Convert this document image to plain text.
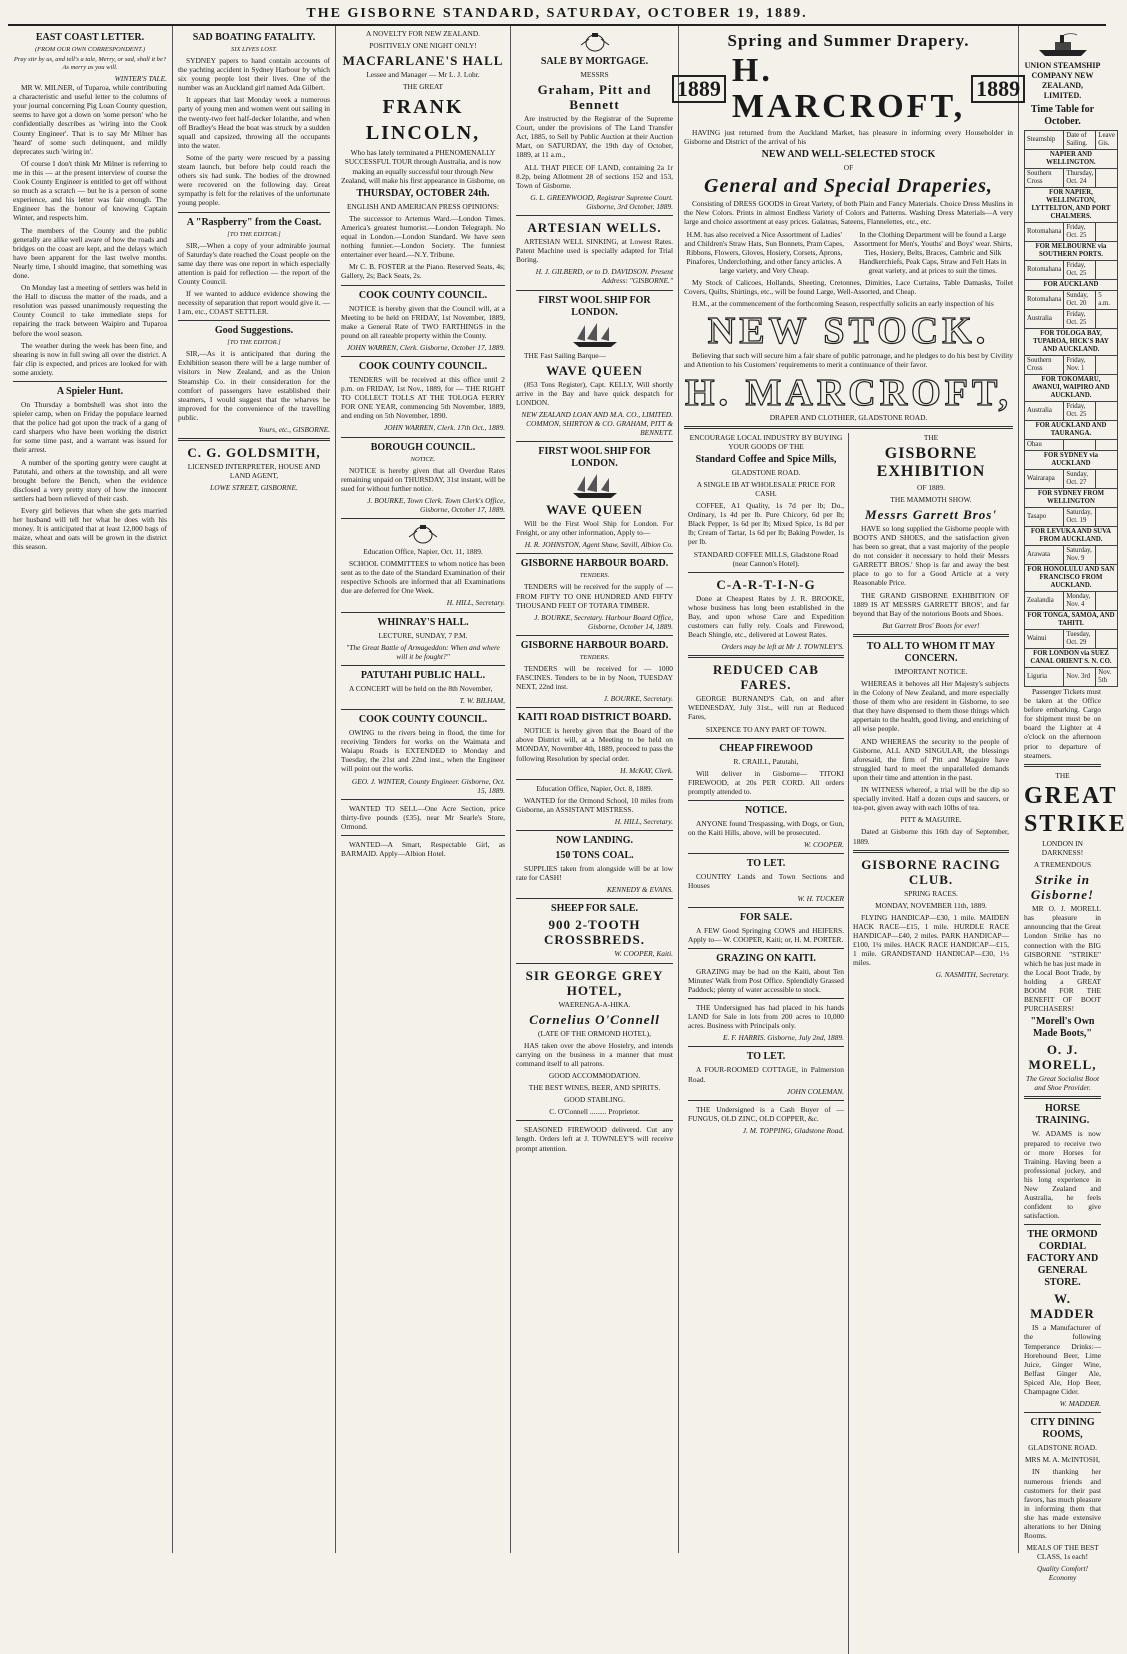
THE GISBORNE STANDARD, SATURDAY, OCTOBER 19, 1889.
EAST COAST LETTER.
(FROM OUR OWN CORRESPONDENT.)
Pray stir by us, and tell's a tale, Merry, or sad, shall it be? As merry as you will.
WINTER'S TALE.

MR W. MILNER, of Tuparoa, while contributing a characteristic and useful letter to the columns of your journal concerning Pig Loan County question, seems to have got a down on 'some person' who he confidentially describes as 'wiring into the Cook County Engineer'. That is to say Mr Milner has 'heard' of some such delinquent, and mildly deprecates such 'wiring in'.

Of course I don't think Mr Milner is referring to me in this — at the present interview of course the Cook County Engineer is entitled to get off without so much as a scratch — but he is a person of some experience, and his letter was fair enough. The Engineer has the honour of knowing Captain Winter, and respects him.

The members of the County and the public generally are alike well aware of how the roads and bridges on the coast are kept, and the delays which have been apparent for the last twelve months. Nearly time, I should imagine, that something was done.

On Monday last a meeting of settlers was held in the Hall to discuss the matter of the roads, and a resolution was passed unanimously requesting the County Council to take immediate steps for repairing the track between Waipiro and Tuparoa before the wool season.

The weather during the week has been fine, and shearing is now in full swing all over the district. A fair clip is expected, and prices are looked for with some anxiety.

A Spieler Hunt.

On Thursday a bombshell was shot into the spieler camp, when on Friday the populace learned that the police had got upon the track of a gang of card sharpers who have been working the district for some time past, and a warrant was issued for their arrest.

A number of the sporting gentry were caught at Patutahi, and others at the township, and all were brought before the Bench, when the evidence disclosed a very pretty story of how the innocent settlers had been relieved of their cash.

Every girl believes that when she gets married her husband will tell her what he does with his money. It is anticipated that at least 12,000 bags of maize, wheat and oats will be grown in the district this season.

SAD BOATING FATALITY.
SIX LIVES LOST.

SYDNEY papers to hand contain accounts of the yachting accident in Sydney Harbour by which six young people lost their lives. One of the number was an Auckland girl named Ada Gilbert.

It appears that last Monday week a numerous party of young men and women went out sailing in the twenty-two feet half-decker Iolanthe, and when off Bradley's Head the boat was struck by a sudden squall and capsized, throwing all the occupants into the water.

Some of the party were rescued by a passing steam launch, but before help could reach the others six had sunk. The bodies of the drowned were recovered on the following day. Great sympathy is felt for the relatives of the unfortunate young people.

A "Raspberry" from the Coast.
[TO THE EDITOR.]

SIR,—When a copy of your admirable journal of Saturday's date reached the Coast people on the same day there was one report in which especially attention is paid for reflection — the report of the County Council.

If we wanted to adduce evidence showing the necessity of separation that report would give it. — I am, etc., COAST SETTLER.

Good Suggestions.
[TO THE EDITOR.]

SIR,—As it is anticipated that during the Exhibition season there will be a large number of visitors in New Zealand, and as the Union Steamship Co. in their consideration for the comfort of passengers have established their steamers, I would suggest that the wharves be improved for the convenience of the travelling public.

Yours, etc., GISBORNE.

C. G. GOLDSMITH,

LICENSED INTERPRETER, HOUSE AND LAND AGENT,

LOWE STREET, GISBORNE.

A NOVELTY FOR NEW ZEALAND.

POSITIVELY ONE NIGHT ONLY!

MACFARLANE'S HALL

Lessee and Manager — Mr L. J. Lohr.

THE GREAT

FRANK LINCOLN,

Who has lately terminated a PHENOMENALLY SUCCESSFUL TOUR through Australia, and is now making an equally successful tour through New Zealand, will make his first appearance in Gisborne, on

THURSDAY, OCTOBER 24th.

ENGLISH AND AMERICAN PRESS OPINIONS:

The successor to Artemus Ward.—London Times. America's greatest humorist.—London Telegraph. No equal in London.—London Standard. We have seen nothing funnier.—London Society. The funniest entertainer ever heard.—N.Y. Tribune.

Mr C. B. FOSTER at the Piano. Reserved Seats, 4s; Gallery, 2s; Back Seats, 2s.

COOK COUNTY COUNCIL.

NOTICE is hereby given that the Council will, at a Meeting to be held on FRIDAY, 1st November, 1889, make a General Rate of TWO FARTHINGS in the pound on all rateable property within the County.

JOHN WARREN, Clerk. Gisborne, October 17, 1889.

COOK COUNTY COUNCIL.

TENDERS will be received at this office until 2 p.m. on FRIDAY, 1st Nov., 1889, for — THE RIGHT TO COLLECT TOLLS AT THE TOLOGA FERRY FOR ONE YEAR, commencing 5th November, 1889, and ending on 5th November, 1890.

JOHN WARREN, Clerk. 17th Oct., 1889.

BOROUGH COUNCIL.
NOTICE.

NOTICE is hereby given that all Overdue Rates remaining unpaid on THURSDAY, 31st instant, will be sued for without further notice.

J. BOURKE, Town Clerk. Town Clerk's Office, Gisborne, October 17, 1889.

Education Office, Napier, Oct. 11, 1889.

SCHOOL COMMITTEES to whom notice has been sent as to the date of the Standard Examination of their respective Schools are informed that all Examinations due are deferred for One Week.

H. HILL, Secretary.

WHINRAY'S HALL.

LECTURE, SUNDAY, 7 P.M.

"The Great Battle of Armageddon: When and where will it be fought?"

PATUTAHI PUBLIC HALL.

A CONCERT will be held on the 8th November,

T. W. BILHAM,

COOK COUNTY COUNCIL.

OWING to the rivers being in flood, the time for receiving Tenders for works on the Waimata and Waiapu Roads is EXTENDED to Monday and Tuesday, the 21st and 22nd inst., when the Engineer will point out the works.

GEO. J. WINTER, County Engineer. Gisborne, Oct. 15, 1889.

WANTED TO SELL—One Acre Section, price thirty-five pounds (£35), near Mr Searle's Store, Ormond.

WANTED—A Smart, Respectable Girl, as BARMAID. Apply—Albion Hotel.

SALE BY MORTGAGE.

MESSRS

Graham, Pitt and Bennett

Are instructed by the Registrar of the Supreme Court, under the provisions of The Land Transfer Act, 1885, to Sell by Public Auction at their Auction Mart, on SATURDAY, the 19th day of October, 1889, at 11 a.m.,

ALL THAT PIECE OF LAND, containing 2a 1r 8.2p, being Allotment 28 of sections 152 and 153, Town of Gisborne.

G. L. GREENWOOD, Registrar Supreme Court. Gisborne, 3rd October, 1889.

ARTESIAN WELLS.

ARTESIAN WELL SINKING, at Lowest Rates. Patent Machine used is specially adapted for Trial Boring.

H. J. GILBERD, or to D. DAVIDSON. Present Address: "GISBORNE."

FIRST WOOL SHIP FOR LONDON.

THE Fast Sailing Barque—

WAVE QUEEN

(853 Tons Register), Capt. KELLY, Will shortly arrive in the Bay and have quick despatch for LONDON.

NEW ZEALAND LOAN AND M.A. CO., LIMITED. COMMON, SHIRTON & CO. GRAHAM, PITT & BENNETT.

FIRST WOOL SHIP FOR LONDON.
WAVE QUEEN

Will be the First Wool Ship for London. For Freight, or any other information, Apply to—

H. R. JOHNSTON, Agent Shaw, Savill, Albion Co.

GISBORNE HARBOUR BOARD.
TENDERS.

TENDERS will be received for the supply of — FROM FIFTY TO ONE HUNDRED AND FIFTY THOUSAND FEET OF TOTARA TIMBER.

J. BOURKE, Secretary. Harbour Board Office, Gisborne, October 14, 1889.

GISBORNE HARBOUR BOARD.
TENDERS.

TENDERS will be received for — 1000 FASCINES. Tenders to be in by Noon, TUESDAY NEXT, 22nd inst.

J. BOURKE, Secretary.

KAITI ROAD DISTRICT BOARD.

NOTICE is hereby given that the Board of the above District will, at a Meeting to be held on MONDAY, November 4th, 1889, proceed to pass the following Resolution by special order.

H. McKAY, Clerk.

Education Office, Napier, Oct. 8, 1889.

WANTED for the Ormond School, 10 miles from Gisborne, an ASSISTANT MISTRESS.

H. HILL, Secretary.

NOW LANDING.
150 TONS COAL.

SUPPLIES taken from alongside will be at low rate for CASH!

KENNEDY & EVANS.

SHEEP FOR SALE.
900 2-TOOTH CROSSBREDS.

W. COOPER, Kaiti.

SIR GEORGE GREY HOTEL,

WAERENGA-A-HIKA.

Cornelius O'Connell

(LATE OF THE ORMOND HOTEL),

HAS taken over the above Hostelry, and intends carrying on the business in a manner that must command itself to all patrons.

GOOD ACCOMMODATION.

THE BEST WINES, BEER, AND SPIRITS.

GOOD STABLING.

C. O'Connell ......... Proprietor.

SEASONED FIREWOOD delivered. Cut any length. Orders left at J. TOWNLEY'S will receive prompt attention.

Spring and Summer Drapery.
1889 H. MARCROFT, 1889

HAVING just returned from the Auckland Market, has pleasure in informing every Householder in Gisborne and District of the arrival of his

NEW AND WELL-SELECTED STOCK

OF

General and Special Draperies,

Consisting of DRESS GOODS in Great Variety, of both Plain and Fancy Materials. Choice Dress Muslins in the New Colors. Prints in almost Endless Variety of Colors and Patterns. Washing Dress Materials—A very large and choice assortment at easy prices. Galateas, Sateens, Flannelettes, etc., etc.

H.M. has also received a Nice Assortment of Ladies' and Children's Straw Hats, Sun Bonnets, Pram Capes, Ribbons, Flowers, Gloves, Hosiery, Corsets, Aprons, Pinafores, Underclothing, and other fancy articles. A large variety, and Very Cheap.

In the Clothing Department will be found a Large Assortment for Men's, Youths' and Boys' wear. Shirts, Ties, Hosiery, Belts, Braces, Cambric and Silk Handkerchiefs, Peak Caps, Straw and Felt Hats in great variety, and at prices to suit the times.

My Stock of Calicoes, Hollands, Sheeting, Cretonnes, Dimities, Lace Curtains, Table Damasks, Toilet Covers, Quilts, Shirtings, etc., will be found Large, Well-Assorted, and Cheap.

H.M., at the commencement of the forthcoming Season, respectfully solicits an early inspection of his

NEW STOCK.

Believing that such will secure him a fair share of public patronage, and he pledges to do his best by Civility and Attention to his Customers' requirements to merit a continuance of their favor.

H. MARCROFT,

DRAPER AND CLOTHIER, GLADSTONE ROAD.

ENCOURAGE LOCAL INDUSTRY BY BUYING YOUR GOODS OF THE

Standard Coffee and Spice Mills,

GLADSTONE ROAD.

A SINGLE IB AT WHOLESALE PRICE FOR CASH.

COFFEE, A1 Quality, 1s 7d per lb; Do., Ordinary, 1s 4d per lb. Pure Chicory, 6d per lb; Black Pepper, 1s 6d per lb; Mixed Spice, 1s 8d per lb; Cream of Tartar, 1s 6d per lb; Baking Powder, 1s per lb.

STANDARD COFFEE MILLS, Gladstone Road (near Cannon's Hotel).

C-A-R-T-I-N-G

Done at Cheapest Rates by J. R. BROOKE, whose business has long been established in the Bay, and upon whose Care and Expedition customers can fully rely. Coals and Firewood, Beach Shingle, etc., delivered at Lowest Rates.

Orders may be left at Mr J. TOWNLEY'S.

REDUCED CAB FARES.

GEORGE BURNAND'S Cab, on and after WEDNESDAY, July 31st., will run at Reduced Fares,

SIXPENCE TO ANY PART OF TOWN.

CHEAP FIREWOOD

R. CRAILL, Patutahi,

Will deliver in Gisborne— TITOKI FIREWOOD, at 20s PER CORD. All orders promptly attended to.

NOTICE.

ANYONE found Trespassing, with Dogs, or Gun, on the Kaiti Hills, above, will be prosecuted.

W. COOPER.

TO LET.

COUNTRY Lands and Town Sections and Houses

W. H. TUCKER

FOR SALE.

A FEW Good Springing COWS and HEIFERS. Apply to— W. COOPER, Kaiti; or, H. M. PORTER.

GRAZING ON KAITI.

GRAZING may be had on the Kaiti, about Ten Minutes' Walk from Post Office. Splendidly Grassed Paddock; plenty of water accessible to stock.

THE Undersigned has had placed in his hands LAND for Sale in lots from 200 acres to 10,000 acres. Business with Principals only.

E. F. HARRIS. Gisborne, July 2nd, 1889.

TO LET.

A FOUR-ROOMED COTTAGE, in Palmerston Road.

JOHN COLEMAN.

THE Undersigned is a Cash Buyer of — FUNGUS, OLD ZINC, OLD COPPER, &c.

J. M. TOPPING, Gladstone Road.

THE

GISBORNE EXHIBITION

OF 1889.

THE MAMMOTH SHOW.

Messrs Garrett Bros'

HAVE so long supplied the Gisborne people with BOOTS AND SHOES, and the satisfaction given has been so great, that a vast majority of the people do not consider it necessary to hold their Messrs GARRETT BROS.' Shop is far and away the best place to go to for a Good Article at a very Reasonable Price.

THE GRAND GISBORNE EXHIBITION OF 1889 IS AT MESSRS GARRETT BROS', and far beyond that Bay of the notorious Boots and Shoes.

But Garrett Bros' Boots for ever!

TO ALL TO WHOM IT MAY CONCERN.

IMPORTANT NOTICE.

WHEREAS it behoves all Her Majesty's subjects in the Colony of New Zealand, and more especially those of them who are resident in Gisborne, to see that they have dispensed to them those things which appertain to the health, good living, and enriching of all wise people.

AND WHEREAS the security to the people of Gisborne, ALL AND SINGULAR, the blessings aforesaid, the firm of Pitt and Maguire have struggled hard to meet the unparalleled demands upon their time and attention in the past.

IN WITNESS whereof, a trial will be the dip so specially invited. Half a dozen cups and saucers, or tea-pot, given away with each 10lbs of tea.

PITT & MAGUIRE.

Dated at Gisborne this 16th day of September, 1889.

GISBORNE RACING CLUB.

SPRING RACES.

MONDAY, NOVEMBER 11th, 1889.

FLYING HANDICAP—£30, 1 mile. MAIDEN HACK RACE—£15, 1 mile. HURDLE RACE HANDICAP—£40, 2 miles. PARK HANDICAP—£100, 1¼ miles. HACK RACE HANDICAP—£15, 1 mile. GRANDSTAND HANDICAP—£30, 1½ miles.

G. NASMITH, Secretary.

UNION STEAMSHIP COMPANY NEW ZEALAND, LIMITED.
Time Table for October.
Steamship	Date of Sailing.	Leave Gis.
NAPIER AND WELLINGTON.		
Southern Cross	Thursday, Oct. 24	
FOR NAPIER, WELLINGTON, LYTTELTON, AND PORT CHALMERS.		
Rotomahana	Friday, Oct. 25	
FOR MELBOURNE via SOUTHERN PORTS.		
Rotomahana	Friday, Oct. 25	
FOR AUCKLAND		
Rotomahana	Sunday, Oct. 20	5 a.m.
Australia	Friday, Oct. 25	
FOR TOLOGA BAY, TUPAROA, HICK'S BAY AND AUCKLAND.		
Southern Cross	Friday, Nov. 1	
FOR TOKOMARU, AWANUI, WAIPIRO AND AUCKLAND.		
Australia	Friday, Oct. 25	
FOR AUCKLAND AND TAURANGA.		
Ohau		
FOR SYDNEY via AUCKLAND		
Wairarapa	Sunday, Oct. 27	
FOR SYDNEY FROM WELLINGTON		
Tasapo	Saturday, Oct. 19	
FOR LEVUKA AND SUVA FROM AUCKLAND.		
Arawata	Saturday, Nov. 9	
FOR HONOLULU AND SAN FRANCISCO FROM AUCKLAND.		
Zealandia	Monday, Nov. 4	
FOR TONGA, SAMOA, AND TAHITI.		
Wainui	Tuesday, Oct. 29	
FOR LONDON via SUEZ CANAL ORIENT S. N. CO.		
Liguria	Nov. 3rd	Nov. 5th

Passenger Tickets must be taken at the Office before embarking. Cargo for shipment must be on board the Lighter at 4 o'clock on the afternoon prior to departure of steamers.

THE

GREAT
STRIKE

LONDON IN DARKNESS!

A TREMENDOUS

Strike in Gisborne!

MR O. J. MORELL has pleasure in announcing that the Great London Strike has no connection with the BIG GISBORNE "STRIKE" which he has just made in the Local Boot Trade, by holding a GREAT BOOM FOR THE BENEFIT OF BOOT PURCHASERS!

"Morell's Own Made Boots,"
O. J. MORELL,

The Great Socialist Boot and Shoe Provider.

HORSE TRAINING.

W. ADAMS is now prepared to receive two or more Horses for Training. Having been a professional jockey, and his long experience in New Zealand and Australia, he feels confident to give satisfaction.

THE ORMOND CORDIAL FACTORY AND GENERAL STORE.
W. MADDER

IS a Manufacturer of the following Temperance Drinks:— Horehound Beer, Lime Juice, Ginger Wine, Belfast Ginger Ale, Spiced Ale, Hop Beer, Champagne Cider.

W. MADDER.

CITY DINING ROOMS,

GLADSTONE ROAD.

MRS M. A. McINTOSH,

IN thanking her numerous friends and customers for their past favors, has much pleasure in informing them that she has made extensive alterations to her Dining Rooms.

MEALS OF THE BEST CLASS, 1s each!

Quality Comfort! Economy
